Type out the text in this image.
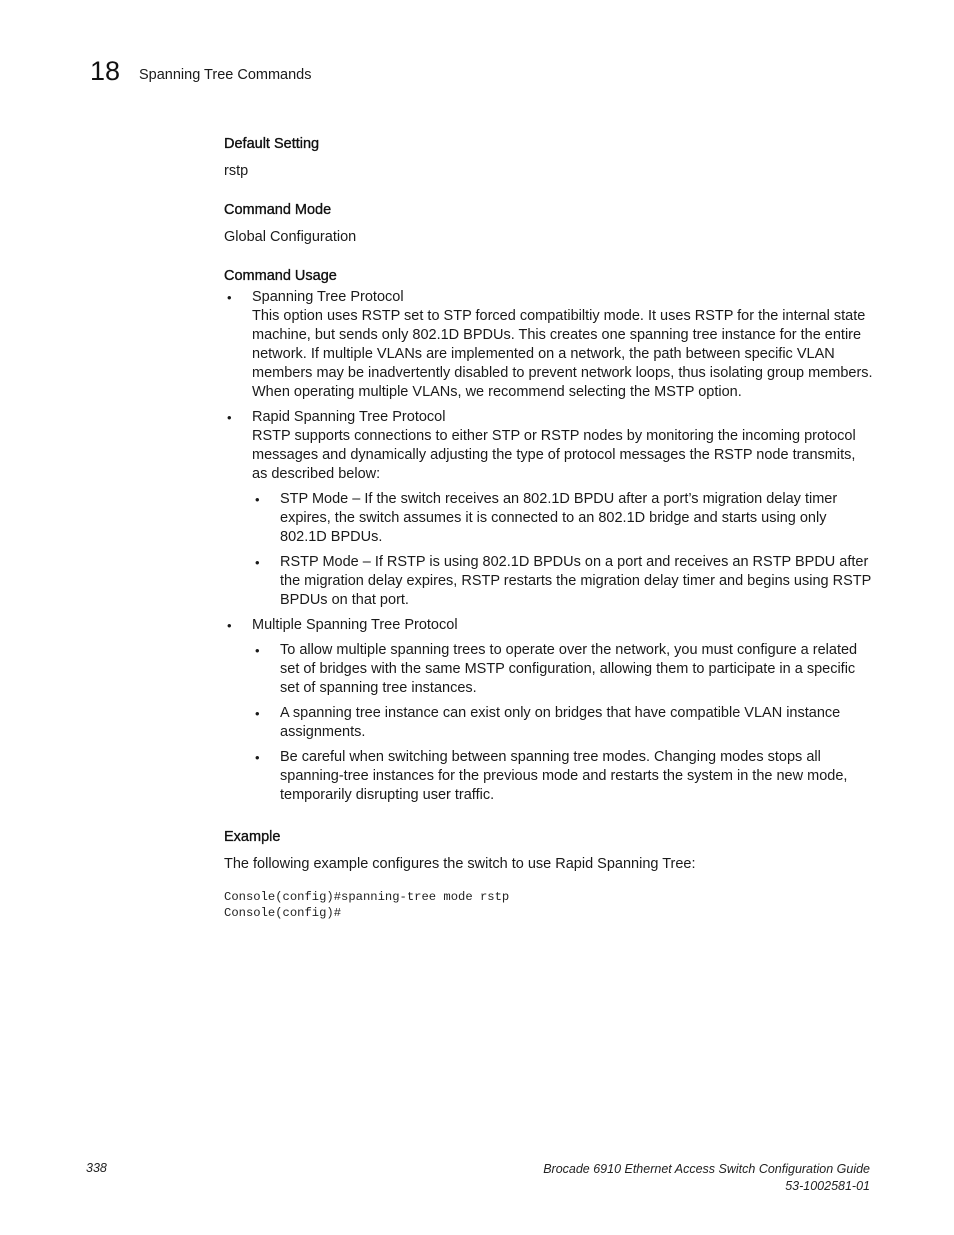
18 Spanning Tree Commands
Default Setting

rstp

Command Mode

Global Configuration

Command Usage
• Spanning Tree Protocol
This option uses RSTP set to STP forced compatibiltiy mode. It uses RSTP for the internal state machine, but sends only 802.1D BPDUs. This creates one spanning tree instance for the entire network. If multiple VLANs are implemented on a network, the path between specific VLAN members may be inadvertently disabled to prevent network loops, thus isolating group members. When operating multiple VLANs, we recommend selecting the MSTP option.
• Rapid Spanning Tree Protocol
RSTP supports connections to either STP or RSTP nodes by monitoring the incoming protocol messages and dynamically adjusting the type of protocol messages the RSTP node transmits, as described below:
• STP Mode – If the switch receives an 802.1D BPDU after a port’s migration delay timer expires, the switch assumes it is connected to an 802.1D bridge and starts using only 802.1D BPDUs.
• RSTP Mode – If RSTP is using 802.1D BPDUs on a port and receives an RSTP BPDU after the migration delay expires, RSTP restarts the migration delay timer and begins using RSTP BPDUs on that port.
• Multiple Spanning Tree Protocol
• To allow multiple spanning trees to operate over the network, you must configure a related set of bridges with the same MSTP configuration, allowing them to participate in a specific set of spanning tree instances.
• A spanning tree instance can exist only on bridges that have compatible VLAN instance assignments.
• Be careful when switching between spanning tree modes. Changing modes stops all spanning-tree instances for the previous mode and restarts the system in the new mode, temporarily disrupting user traffic.
Example

The following example configures the switch to use Rapid Spanning Tree:

Console(config)#spanning-tree mode rstp
Console(config)#
338	Brocade 6910 Ethernet Access Switch Configuration Guide
53-1002581-01
